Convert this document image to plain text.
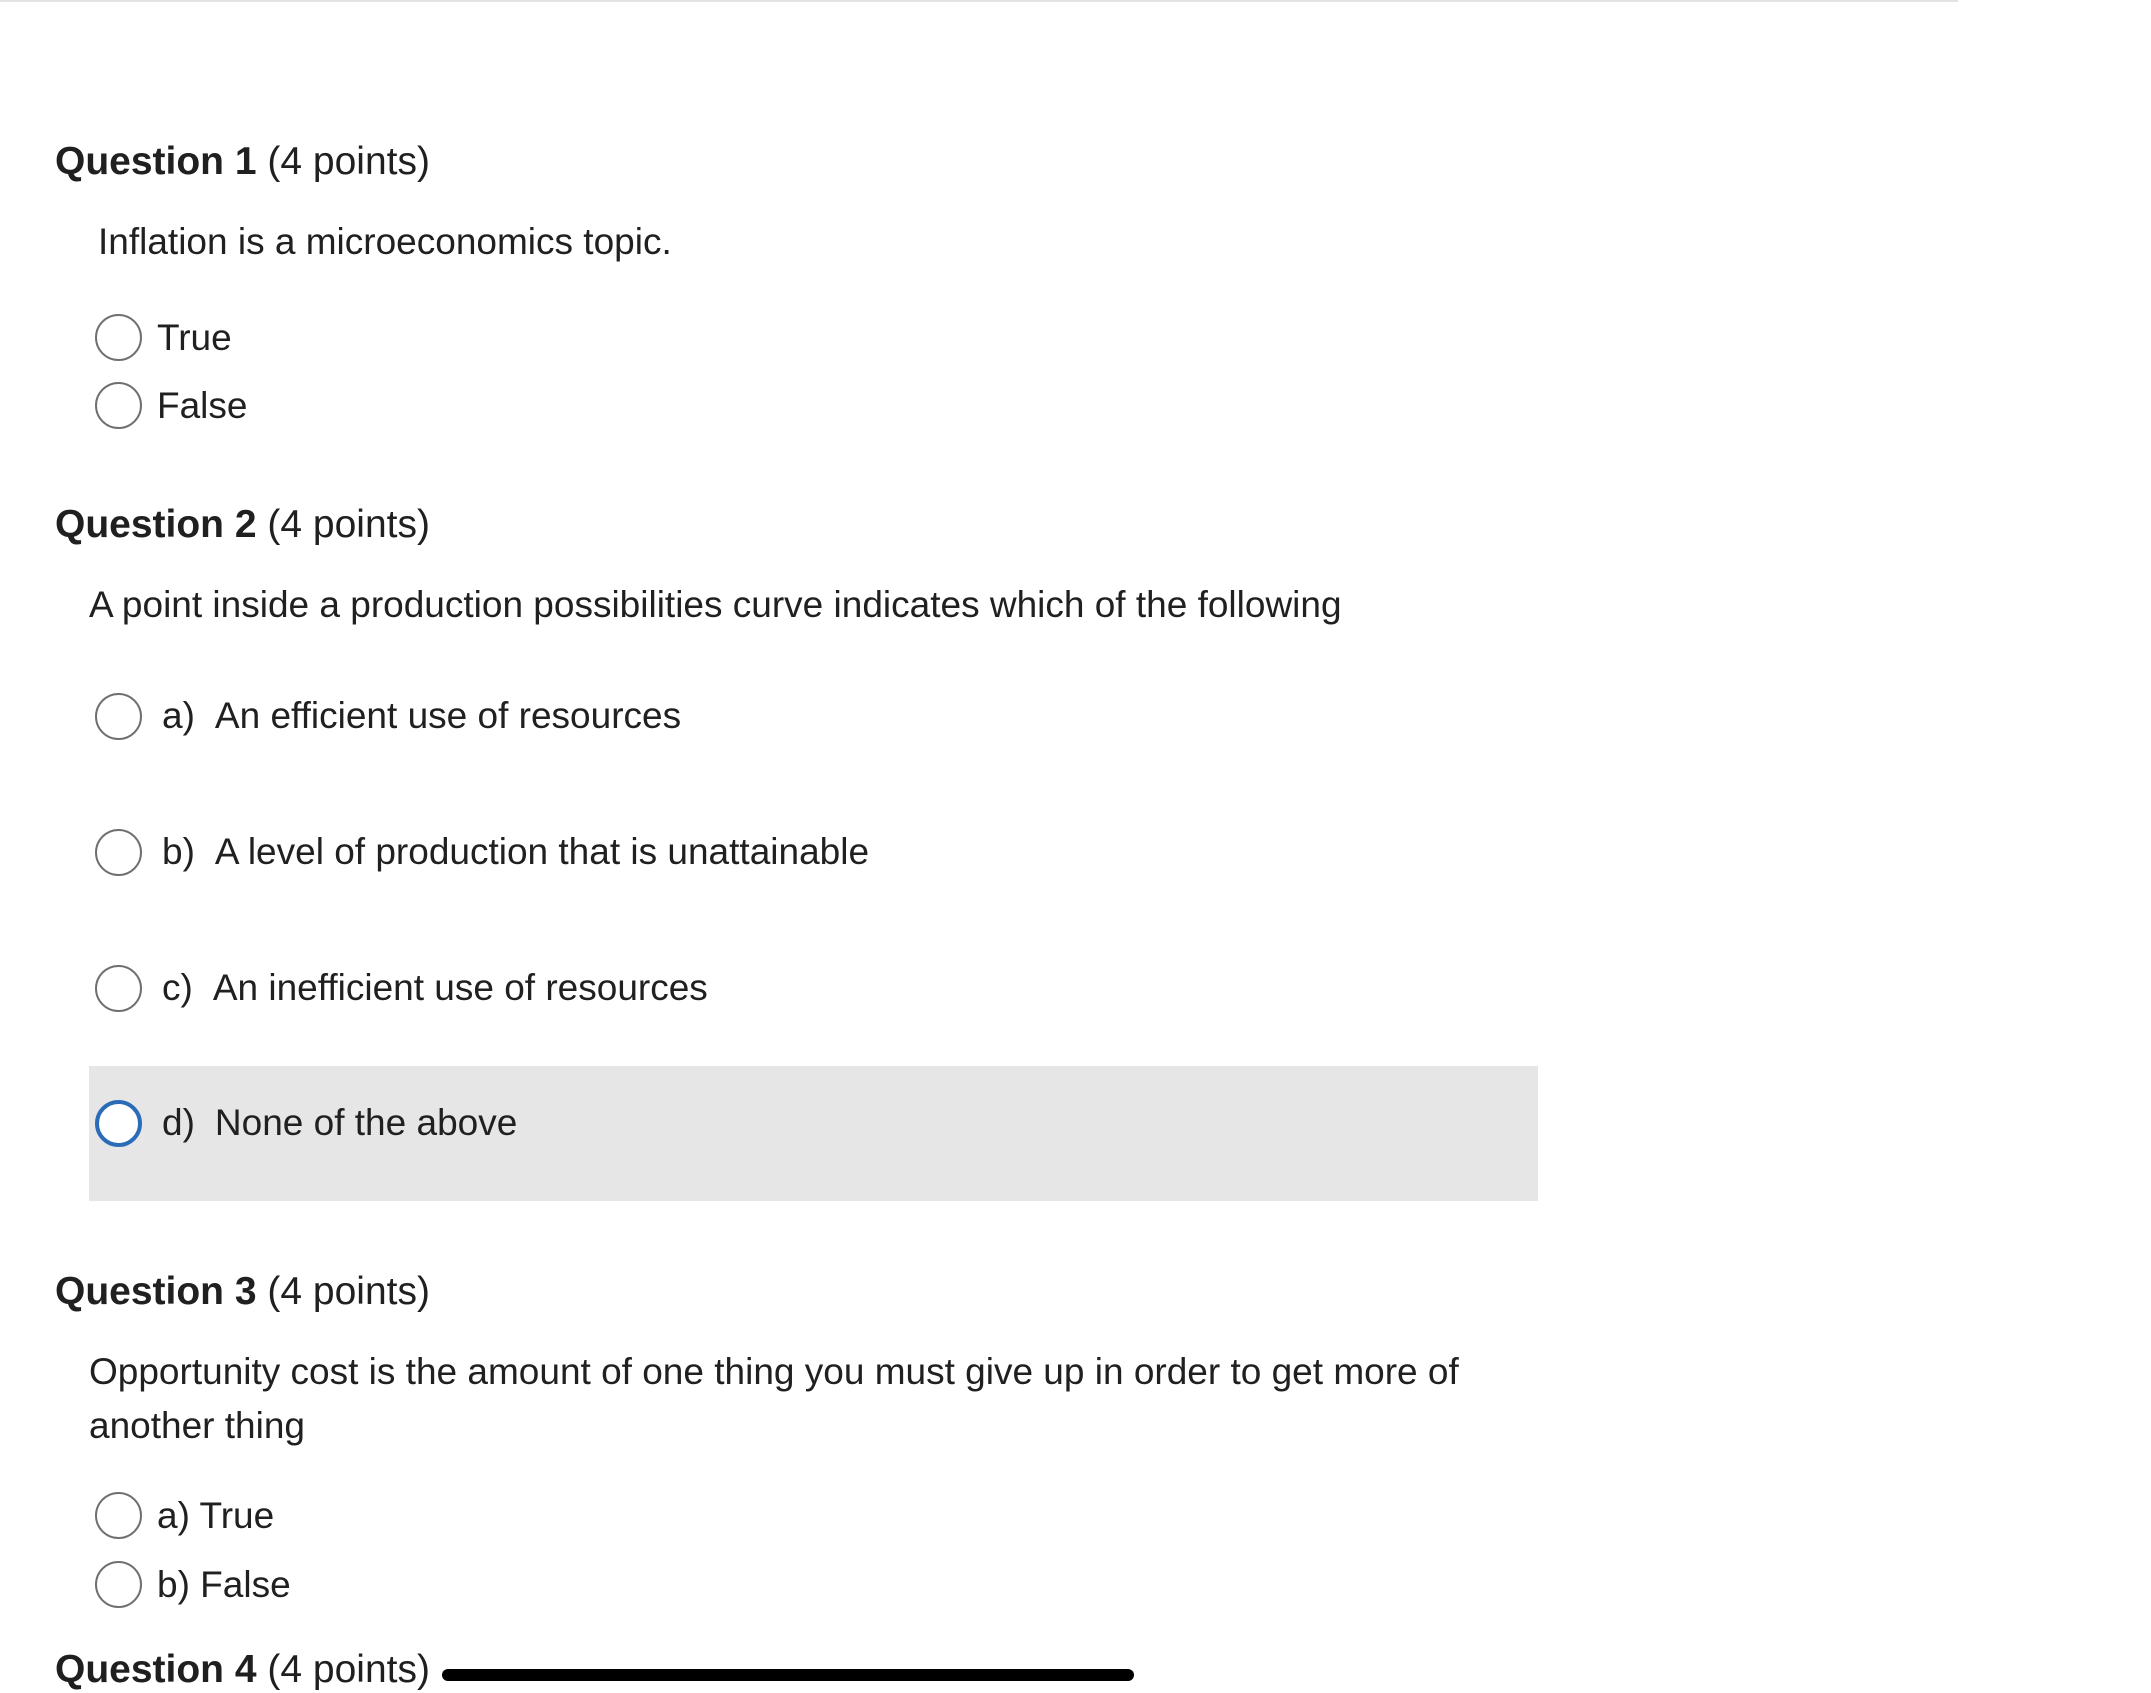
Question 1 (4 points)
Inflation is a microeconomics topic.
True
False
Question 2 (4 points)
A point inside a production possibilities curve indicates which of the following
a) An efficient use of resources
b) A level of production that is unattainable
c) An inefficient use of resources
d) None of the above
Question 3 (4 points)
Opportunity cost is the amount of one thing you must give up in order to get more of another thing
a) True
b) False
Question 4 (4 points)
